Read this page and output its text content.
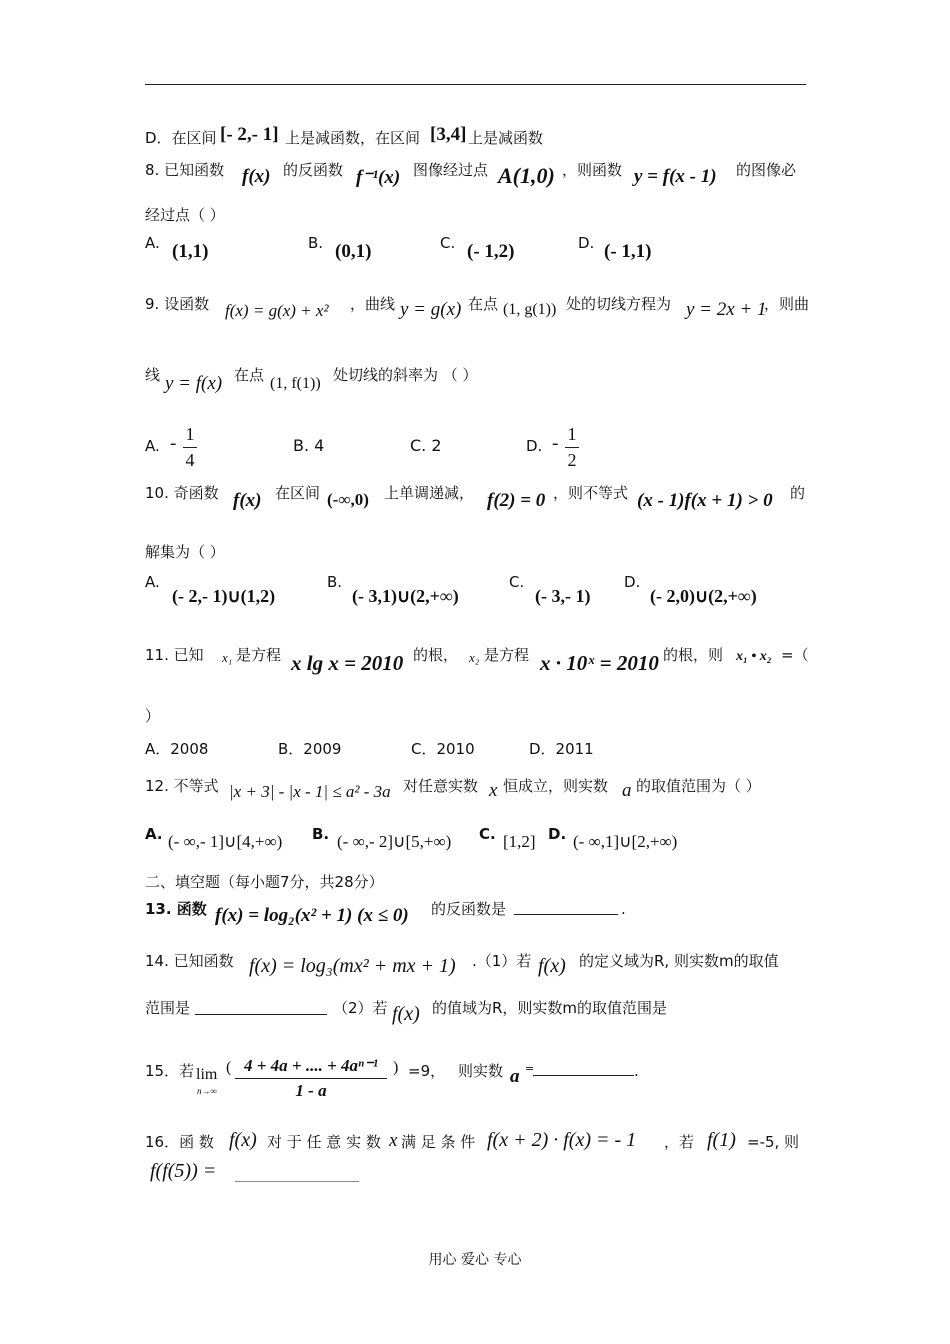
D．在区间 [- 2,- 1] 上是减函数，在区间 [3,4] 上是减函数
8. 已知函数 f(x) 的反函数 f⁻¹(x) 图像经过点 A(1,0) ，则函数 y = f(x - 1) 的图像必
经过点（ ）
A. (1,1)	B. (0,1)	C. (- 1,2)	D. (- 1,1)
9. 设函数 f(x) = g(x) + x² ，曲线 y = g(x) 在点 (1, g(1)) 处的切线方程为 y = 2x + 1
，则曲
线 y = f(x) 在点 (1, f(1)) 处切线的斜率为 （ ）
A. - 1
4
B. 4	C. 2	D. - 1
2
10. 奇函数 f(x) 在区间 (-∞,0) 上单调递减， f(2) = 0 ，则不等式 (x - 1)f(x + 1) > 0 的
解集为（ ）
A.
(- 2,- 1)∪(1,2)
B.
(- 3,1)∪(2,+∞)
C.
(- 3,- 1)
D.
(- 2,0)∪(2,+∞)
11. 已知 x₁ 是方程 x lg x = 2010 的根， x₂ 是方程 x · 10ˣ = 2010 的根，则 x₁ • x₂ =（
）
A．2008	B．2009	C．2010	D．2011
12. 不等式 |x + 3| - |x - 1| ≤ a² - 3a 对任意实数 x 恒成立，则实数 a 的取值范围为（ ）
A. (- ∞,- 1]∪[4,+∞) B. (- ∞,- 2]∪[5,+∞) C. [1,2] D. (- ∞,1]∪[2,+∞)
二、填空题（每小题7分，共28分）
13. 函数 f(x) = log₂(x² + 1) (x ≤ 0) 的反函数是	.
14. 已知函数 f(x) = log₃(mx² + mx + 1) .（1）若 f(x) 的定义域为R, 则实数m的取值
范围是	（2）若 f(x) 的值域为R，则实数m的取值范围是
15．若 lim
n→∞
( 4 + 4a + .... + 4aⁿ⁻¹
1 - a
) =9， 则实数 a =	.
16．函 数 f(x) 对 于 任 意 实 数 x 满 足 条 件 f(x + 2) · f(x) = - 1 ，若 f(1) =-5, 则
f(f(5)) =
用心 爱心 专心
